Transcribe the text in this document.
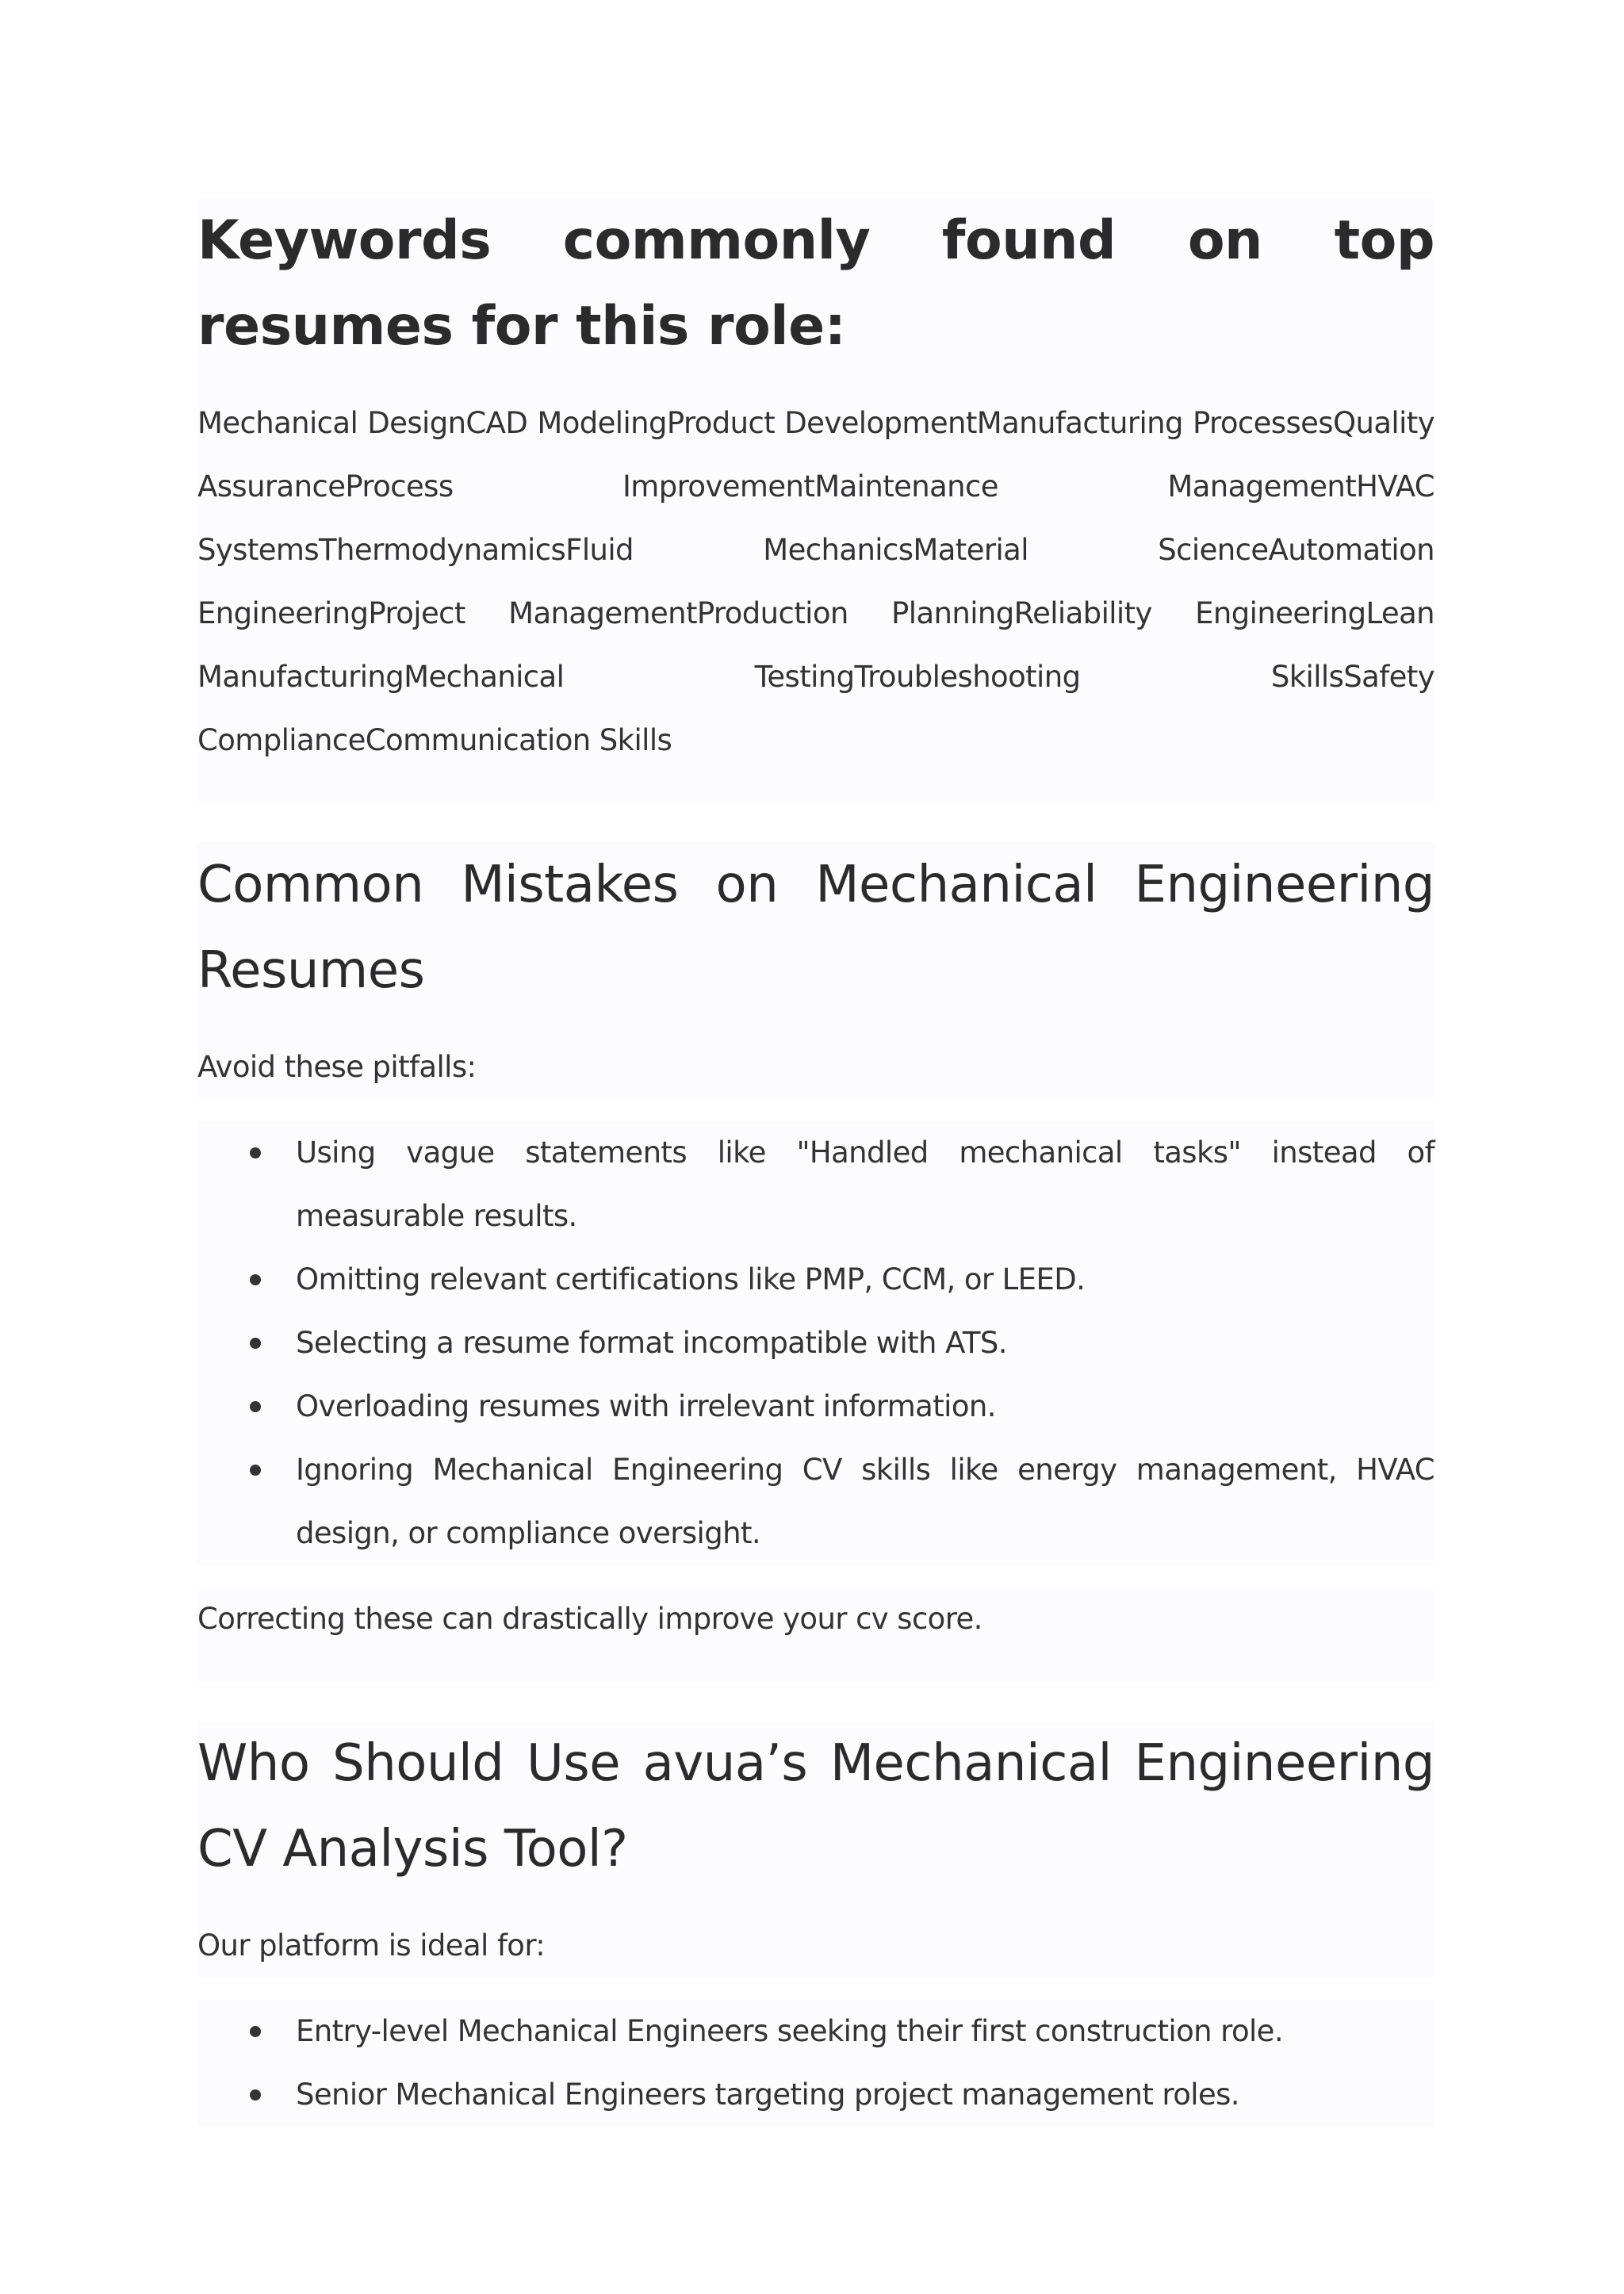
Keywords commonly found on top resumes for this role:

Mechanical DesignCAD ModelingProduct DevelopmentManufacturing ProcessesQuality AssuranceProcess ImprovementMaintenance ManagementHVAC SystemsThermodynamicsFluid MechanicsMaterial ScienceAutomation EngineeringProject ManagementProduction PlanningReliability EngineeringLean ManufacturingMechanical TestingTroubleshooting SkillsSafety ComplianceCommunication Skills

Common Mistakes on Mechanical Engineering Resumes

Avoid these pitfalls:

Using vague statements like "Handled mechanical tasks" instead of measurable results.
Omitting relevant certifications like PMP, CCM, or LEED.
Selecting a resume format incompatible with ATS.
Overloading resumes with irrelevant information.
Ignoring Mechanical Engineering CV skills like energy management, HVAC design, or compliance oversight.

Correcting these can drastically improve your cv score.

Who Should Use avua’s Mechanical Engineering CV Analysis Tool?

Our platform is ideal for:

Entry-level Mechanical Engineers seeking their first construction role.
Senior Mechanical Engineers targeting project management roles.
